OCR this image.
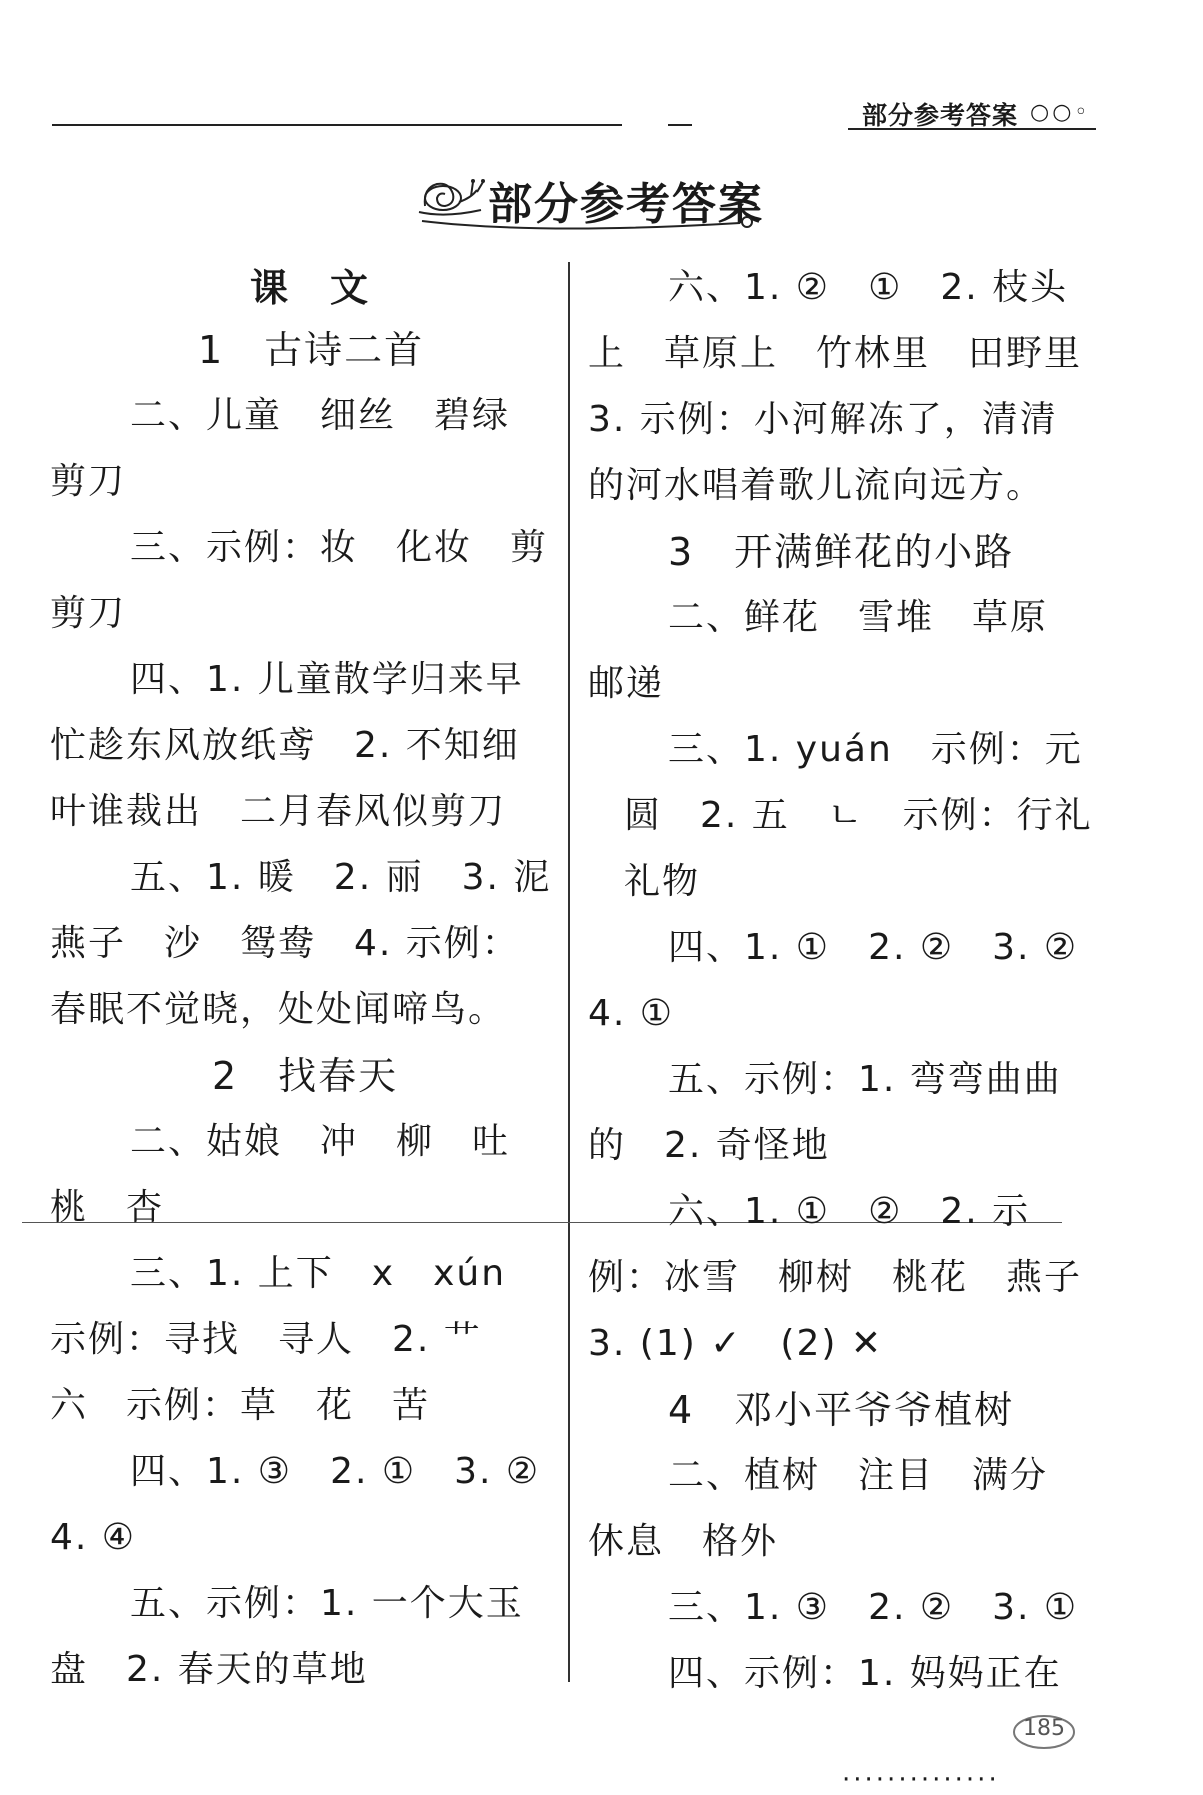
部分参考答案 ○○◦
部分参考答案
课　文
1　古诗二首
二、儿童　细丝　碧绿
剪刀
三、示例：妆　化妆　剪
剪刀
四、1. 儿童散学归来早
忙趁东风放纸鸢　2. 不知细
叶谁裁出　二月春风似剪刀
五、1. 暖　2. 丽　3. 泥
燕子　沙　鸳鸯　4. 示例：
春眠不觉晓，处处闻啼鸟。
2　找春天
二、姑娘　冲　柳　吐
桃　杏
三、1. 上下　x　xún
示例：寻找　寻人　2. 艹
六　示例：草　花　苦
四、1. ③　2. ①　3. ②
4. ④
五、示例：1. 一个大玉
盘　2. 春天的草地
六、1. ②　①　2. 枝头
上　草原上　竹林里　田野里
3. 示例：小河解冻了，清清
的河水唱着歌儿流向远方。
3　开满鲜花的小路
二、鲜花　雪堆　草原
邮递
三、1. yuán　示例：元
圆　2. 五　ㄴ　示例：行礼
礼物
四、1. ①　2. ②　3. ②
4. ①
五、示例：1. 弯弯曲曲
的　2. 奇怪地
六、1. ①　②　2. 示
例：冰雪　柳树　桃花　燕子
3. (1) ✓　(2) ✕
4　邓小平爷爷植树
二、植树　注目　满分
休息　格外
三、1. ③　2. ②　3. ①
四、示例：1. 妈妈正在
185
··············
